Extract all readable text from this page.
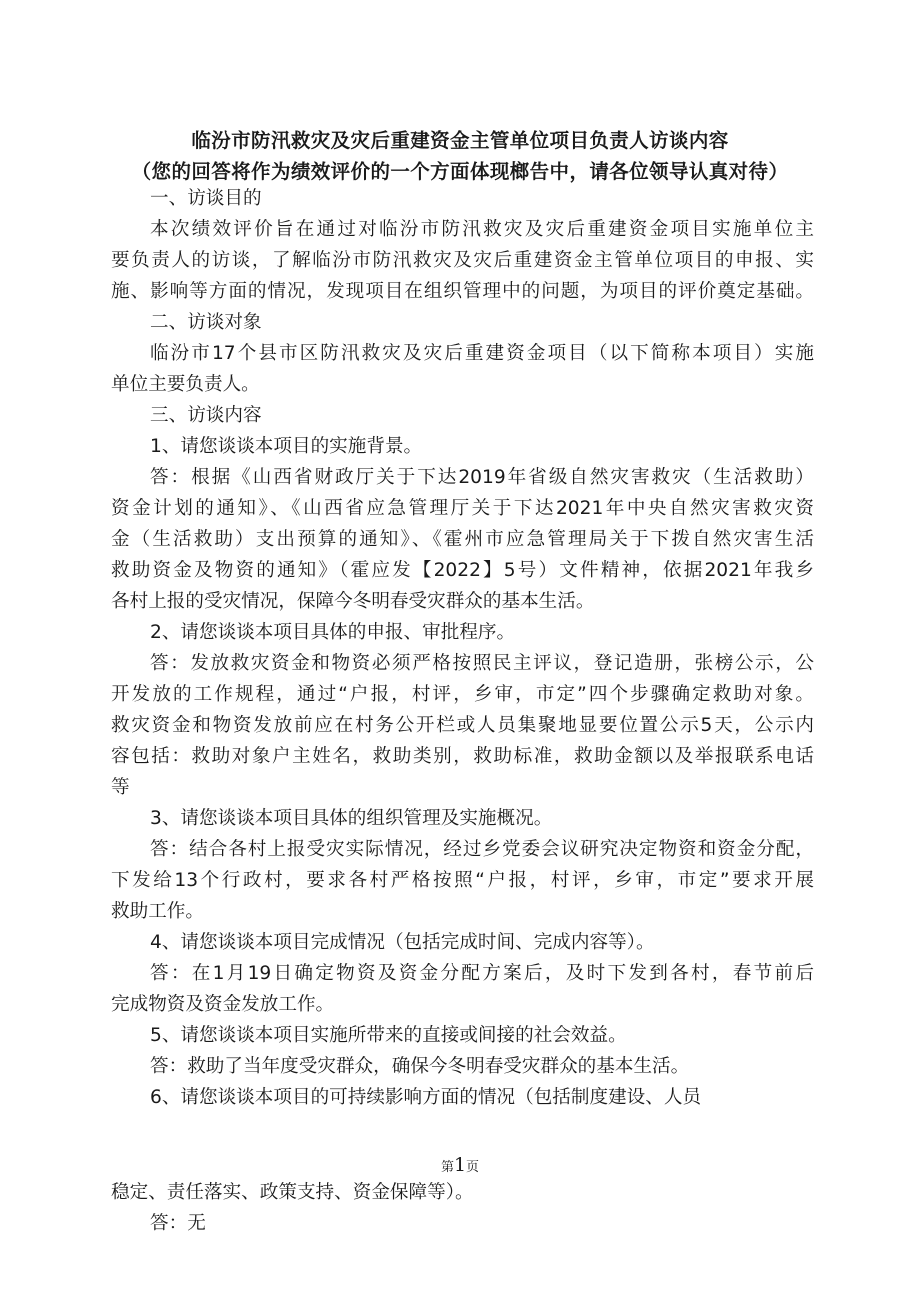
临汾市防汛救灾及灾后重建资金主管单位项目负责人访谈内容
（您的回答将作为绩效评价的一个方面体现榔告中，请各位领导认真对待）

一、访谈目的

本次绩效评价旨在通过对临汾市防汛救灾及灾后重建资金项目实施单位主

要负责人的访谈，了解临汾市防汛救灾及灾后重建资金主管单位项目的申报、实

施、影响等方面的情况，发现项目在组织管理中的问题，为项目的评价奠定基础。

二、访谈对象

临汾市17个县市区防汛救灾及灾后重建资金项目（以下简称本项目）实施

单位主要负责人。

三、访谈内容

1、请您谈谈本项目的实施背景。

答：根据《山西省财政厅关于下达2019年省级自然灾害救灾（生活救助）

资金计划的通知》、《山西省应急管理厅关于下达2021年中央自然灾害救灾资

金（生活救助）支出预算的通知》、《霍州市应急管理局关于下拨自然灾害生活

救助资金及物资的通知》（霍应发【2022】5号）文件精神，依据2021年我乡

各村上报的受灾情况，保障今冬明春受灾群众的基本生活。

2、请您谈谈本项目具体的申报、审批程序。

答：发放救灾资金和物资必须严格按照民主评议，登记造册，张榜公示，公

开发放的工作规程，通过“户报，村评，乡审，市定”四个步骤确定救助对象。

救灾资金和物资发放前应在村务公开栏或人员集聚地显要位置公示5天，公示内

容包括：救助对象户主姓名，救助类别，救助标准，救助金额以及举报联系电话

等

3、请您谈谈本项目具体的组织管理及实施概况。

答：结合各村上报受灾实际情况，经过乡党委会议研究决定物资和资金分配，

下发给13个行政村，要求各村严格按照“户报，村评，乡审，市定”要求开展

救助工作。

4、请您谈谈本项目完成情况（包括完成时间、完成内容等）。

答：在1月19日确定物资及资金分配方案后，及时下发到各村，春节前后

完成物资及资金发放工作。

5、请您谈谈本项目实施所带来的直接或间接的社会效益。

答：救助了当年度受灾群众，确保今冬明春受灾群众的基本生活。

6、请您谈谈本项目的可持续影响方面的情况（包括制度建设、人员

第1页

稳定、责任落实、政策支持、资金保障等）。

答：无
